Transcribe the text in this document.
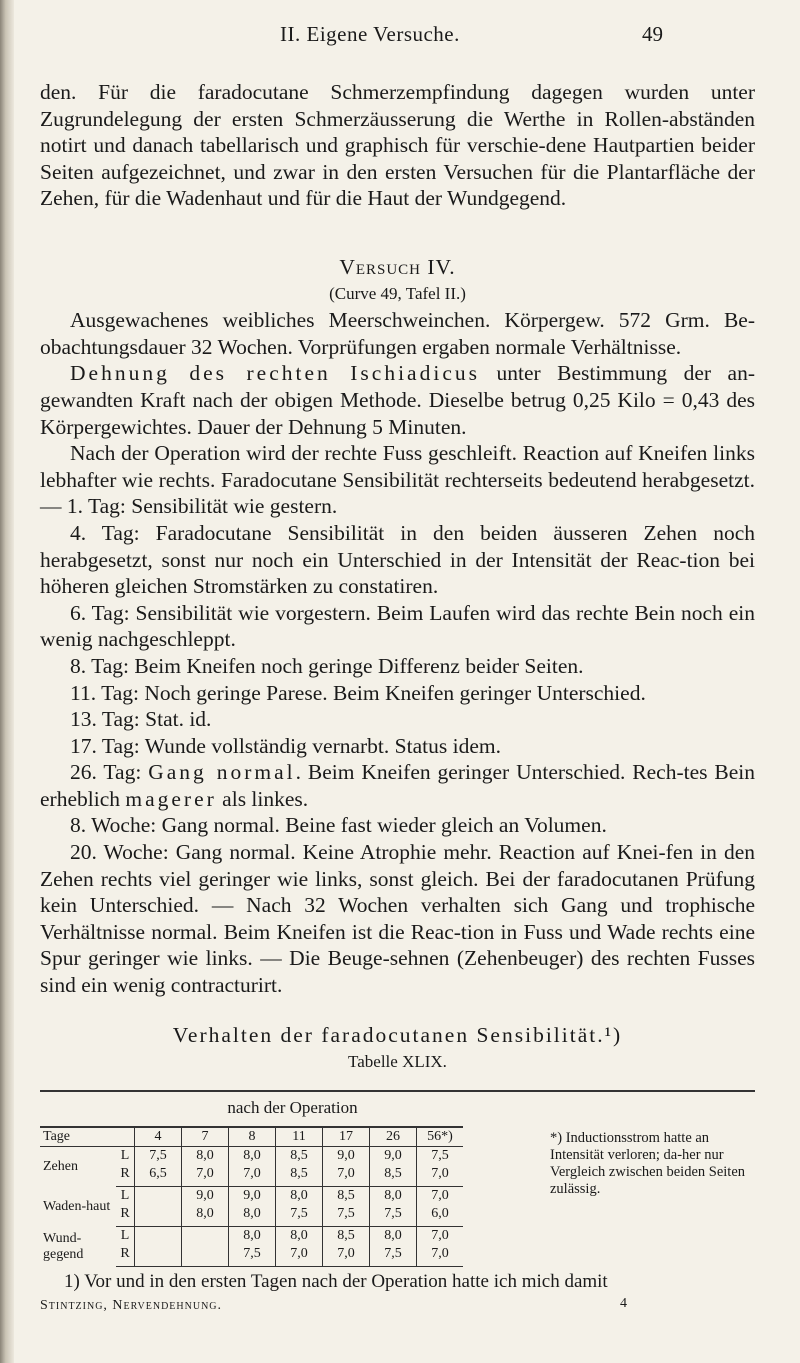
II. Eigene Versuche.	49

den. Für die faradocutane Schmerzempfindung dagegen wurden unter Zugrundelegung der ersten Schmerzäusserung die Werthe in Rollen-abständen notirt und danach tabellarisch und graphisch für verschie-dene Hautpartien beider Seiten aufgezeichnet, und zwar in den ersten Versuchen für die Plantarfläche der Zehen, für die Wadenhaut und für die Haut der Wundgegend.

Versuch IV.

(Curve 49, Tafel II.)

Ausgewachenes weibliches Meerschweinchen. Körpergew. 572 Grm. Be-obachtungsdauer 32 Wochen. Vorprüfungen ergaben normale Verhältnisse.

Dehnung des rechten Ischiadicus unter Bestimmung der an-gewandten Kraft nach der obigen Methode. Dieselbe betrug 0,25 Kilo = 0,43 des Körpergewichtes. Dauer der Dehnung 5 Minuten.

Nach der Operation wird der rechte Fuss geschleift. Reaction auf Kneifen links lebhafter wie rechts. Faradocutane Sensibilität rechterseits bedeutend herabgesetzt. — 1. Tag: Sensibilität wie gestern.

4. Tag: Faradocutane Sensibilität in den beiden äusseren Zehen noch herabgesetzt, sonst nur noch ein Unterschied in der Intensität der Reac-tion bei höheren gleichen Stromstärken zu constatiren.

6. Tag: Sensibilität wie vorgestern. Beim Laufen wird das rechte Bein noch ein wenig nachgeschleppt.

8. Tag: Beim Kneifen noch geringe Differenz beider Seiten.

11. Tag: Noch geringe Parese. Beim Kneifen geringer Unterschied.

13. Tag: Stat. id.

17. Tag: Wunde vollständig vernarbt. Status idem.

26. Tag: Gang normal. Beim Kneifen geringer Unterschied. Rech-tes Bein erheblich magerer als linkes.

8. Woche: Gang normal. Beine fast wieder gleich an Volumen.

20. Woche: Gang normal. Keine Atrophie mehr. Reaction auf Knei-fen in den Zehen rechts viel geringer wie links, sonst gleich. Bei der faradocutanen Prüfung kein Unterschied. — Nach 32 Wochen verhalten sich Gang und trophische Verhältnisse normal. Beim Kneifen ist die Reac-tion in Fuss und Wade rechts eine Spur geringer wie links. — Die Beuge-sehnen (Zehenbeuger) des rechten Fusses sind ein wenig contracturirt.

Verhalten der faradocutanen Sensibilität.¹)

Tabelle XLIX.

nach der Operation
Tage		4	7	8	11	17	26	56*)
Zehen	L	7,5	8,0	8,0	8,5	9,0	9,0	7,5
	R	6,5	7,0	7,0	8,5	7,0	8,5	7,0
Waden-haut	L		9,0	9,0	8,0	8,5	8,0	7,0
	R		8,0	8,0	7,5	7,5	7,5	6,0
Wund-gegend	L			8,0	8,0	8,5	8,0	7,0
	R			7,5	7,0	7,0	7,5	7,0
*) Inductionsstrom hatte an Intensität verloren; da-her nur Vergleich zwischen beiden Seiten zulässig.
1) Vor und in den ersten Tagen nach der Operation hatte ich mich damit
Stintzing, Nervendehnung.	4
